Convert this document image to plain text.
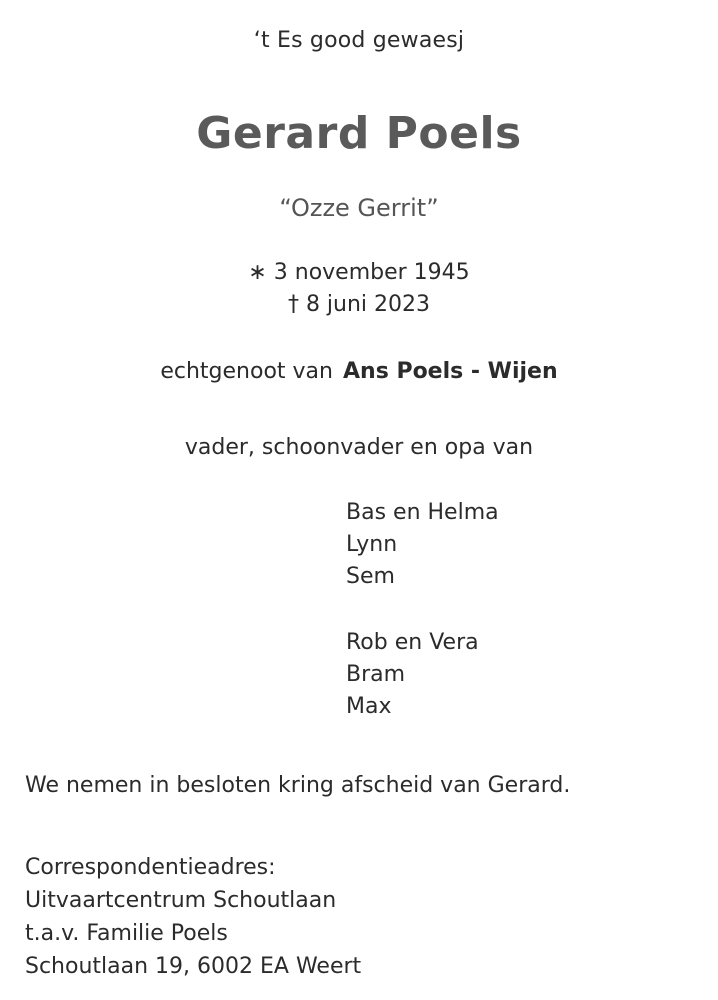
‘t Es good gewaesj
Gerard Poels
“Ozze Gerrit”
∗ 3 november 1945
† 8 juni 2023
echtgenoot van Ans Poels - Wijen
vader, schoonvader en opa van
Bas en Helma
Lynn
Sem
Rob en Vera
Bram
Max
We nemen in besloten kring afscheid van Gerard.
Correspondentieadres:
Uitvaartcentrum Schoutlaan
t.a.v. Familie Poels
Schoutlaan 19, 6002 EA Weert
